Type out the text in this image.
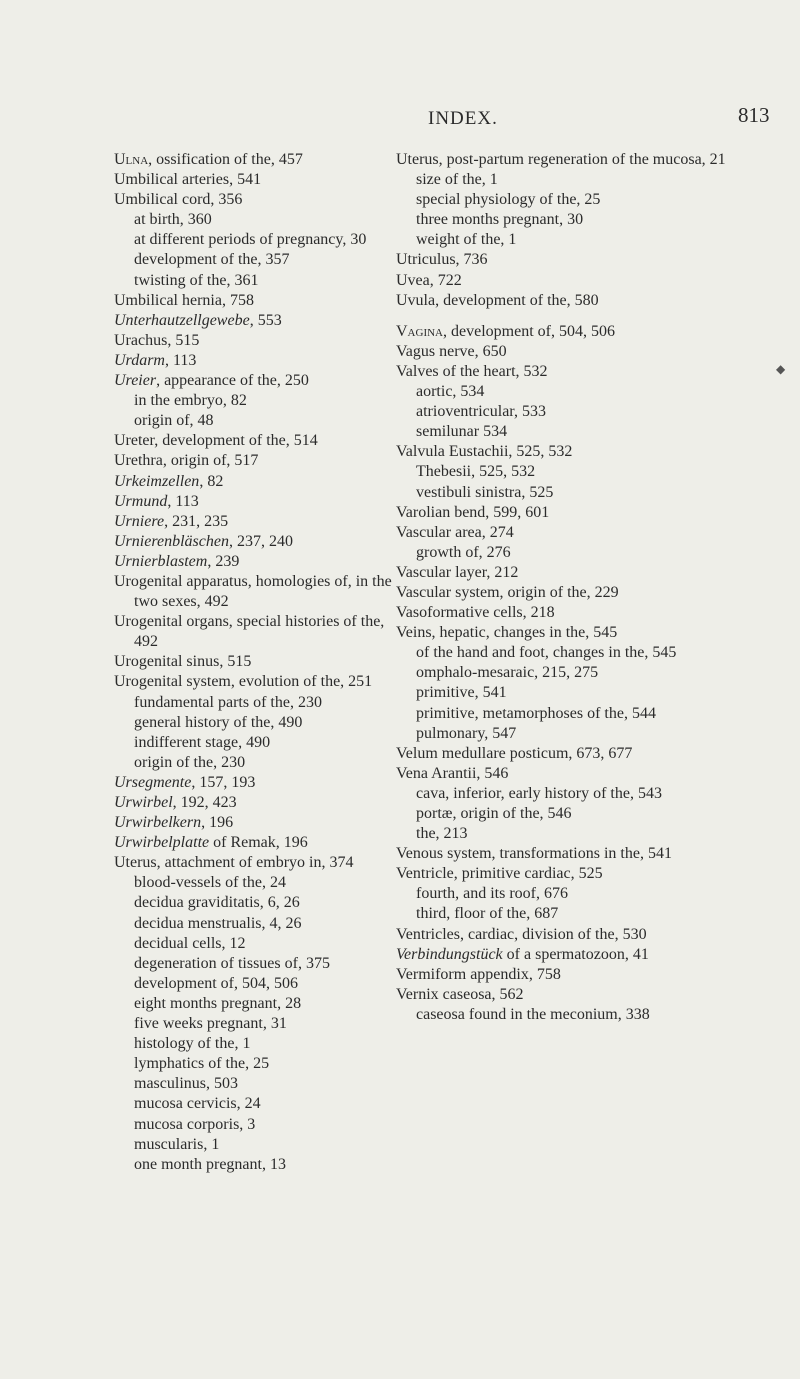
INDEX.	813
Ulna, ossification of the, 457
Umbilical arteries, 541
Umbilical cord, 356
at birth, 360
at different periods of pregnancy, 30
development of the, 357
twisting of the, 361
Umbilical hernia, 758
Unterhautzellgewebe, 553
Urachus, 515
Urdarm, 113
Ureier, appearance of the, 250
in the embryo, 82
origin of, 48
Ureter, development of the, 514
Urethra, origin of, 517
Urkeimzellen, 82
Urmund, 113
Urniere, 231, 235
Urnierenbläschen, 237, 240
Urnierblastem, 239
Urogenital apparatus, homologies of, in the two sexes, 492
Urogenital organs, special histories of the, 492
Urogenital sinus, 515
Urogenital system, evolution of the, 251
fundamental parts of the, 230
general history of the, 490
indifferent stage, 490
origin of the, 230
Ursegmente, 157, 193
Urwirbel, 192, 423
Urwirbelkern, 196
Urwirbelplatte of Remak, 196
Uterus, attachment of embryo in, 374
blood-vessels of the, 24
decidua graviditatis, 6, 26
decidua menstrualis, 4, 26
decidual cells, 12
degeneration of tissues of, 375
development of, 504, 506
eight months pregnant, 28
five weeks pregnant, 31
histology of the, 1
lymphatics of the, 25
masculinus, 503
mucosa cervicis, 24
mucosa corporis, 3
muscularis, 1
one month pregnant, 13
Uterus, post-partum regeneration of the mucosa, 21
size of the, 1
special physiology of the, 25
three months pregnant, 30
weight of the, 1
Utriculus, 736
Uvea, 722
Uvula, development of the, 580
Vagina, development of, 504, 506
Vagus nerve, 650
Valves of the heart, 532
aortic, 534
atrioventricular, 533
semilunar 534
Valvula Eustachii, 525, 532
Thebesii, 525, 532
vestibuli sinistra, 525
Varolian bend, 599, 601
Vascular area, 274
growth of, 276
Vascular layer, 212
Vascular system, origin of the, 229
Vasoformative cells, 218
Veins, hepatic, changes in the, 545
of the hand and foot, changes in the, 545
omphalo-mesaraic, 215, 275
primitive, 541
primitive, metamorphoses of the, 544
pulmonary, 547
Velum medullare posticum, 673, 677
Vena Arantii, 546
cava, inferior, early history of the, 543
portæ, origin of the, 546
the, 213
Venous system, transformations in the, 541
Ventricle, primitive cardiac, 525
fourth, and its roof, 676
third, floor of the, 687
Ventricles, cardiac, division of the, 530
Verbindungstück of a spermatozoon, 41
Vermiform appendix, 758
Vernix caseosa, 562
caseosa found in the meconium, 338
◆
